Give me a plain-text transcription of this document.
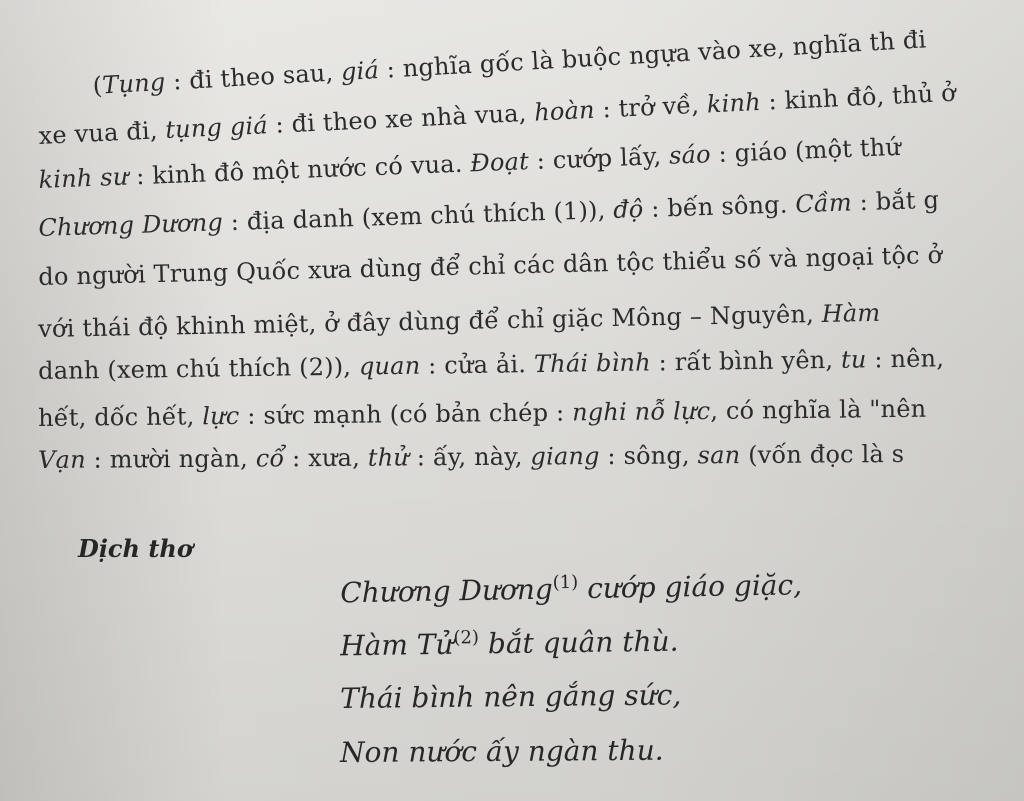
(Tụng : đi theo sau, giá : nghĩa gốc là buộc ngựa vào xe, nghĩa th đi
xe vua đi, tụng giá : đi theo xe nhà vua, hoàn : trở về, kinh : kinh đô, thủ ở
kinh sư : kinh đô một nước có vua. Đoạt : cướp lấy, sáo : giáo (một thứ
Chương Dương : địa danh (xem chú thích (1)), độ : bến sông. Cầm : bắt g
do người Trung Quốc xưa dùng để chỉ các dân tộc thiểu số và ngoại tộc ở
với thái độ khinh miệt, ở đây dùng để chỉ giặc Mông – Nguyên, Hàm
danh (xem chú thích (2)), quan : cửa ải. Thái bình : rất bình yên, tu : nên,
hết, dốc hết, lực : sức mạnh (có bản chép : nghi nỗ lực, có nghĩa là "nên
Vạn : mười ngàn, cổ : xưa, thử : ấy, này, giang : sông, san (vốn đọc là s
Dịch thơ
Chương Dương$^{(1)}$ cướp giáo giặc,
Hàm Tử$^{(2)}$ bắt quân thù.
Thái bình nên gắng sức,
Non nước ấy ngàn thu.
